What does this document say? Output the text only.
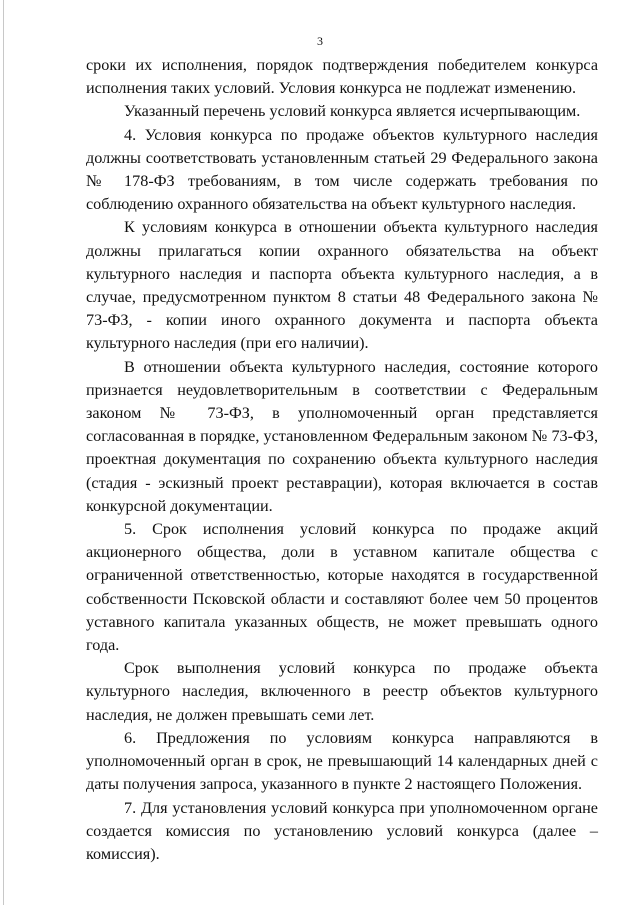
3

сроки их исполнения, порядок подтверждения победителем конкурса исполнения таких условий. Условия конкурса не подлежат изменению.

Указанный перечень условий конкурса является исчерпывающим.

4. Условия конкурса по продаже объектов культурного наследия должны соответствовать установленным статьей 29 Федерального закона № 178-ФЗ требованиям, в том числе содержать требования по соблюдению охранного обязательства на объект культурного наследия.

К условиям конкурса в отношении объекта культурного наследия должны прилагаться копии охранного обязательства на объект культурного наследия и паспорта объекта культурного наследия, а в случае, предусмотренном пунктом 8 статьи 48 Федерального закона № 73-ФЗ, - копии иного охранного документа и паспорта объекта культурного наследия (при его наличии).

В отношении объекта культурного наследия, состояние которого признается неудовлетворительным в соответствии с Федеральным законом № 73-ФЗ, в уполномоченный орган представляется согласованная в порядке, установленном Федеральным законом № 73-ФЗ, проектная документация по сохранению объекта культурного наследия (стадия - эскизный проект реставрации), которая включается в состав конкурсной документации.

5. Срок исполнения условий конкурса по продаже акций акционерного общества, доли в уставном капитале общества с ограниченной ответственностью, которые находятся в государственной собственности Псковской области и составляют более чем 50 процентов уставного капитала указанных обществ, не может превышать одного года.

Срок выполнения условий конкурса по продаже объекта культурного наследия, включенного в реестр объектов культурного наследия, не должен превышать семи лет.

6. Предложения по условиям конкурса направляются в уполномоченный орган в срок, не превышающий 14 календарных дней с даты получения запроса, указанного в пункте 2 настоящего Положения.

7. Для установления условий конкурса при уполномоченном органе создается комиссия по установлению условий конкурса (далее – комиссия).
